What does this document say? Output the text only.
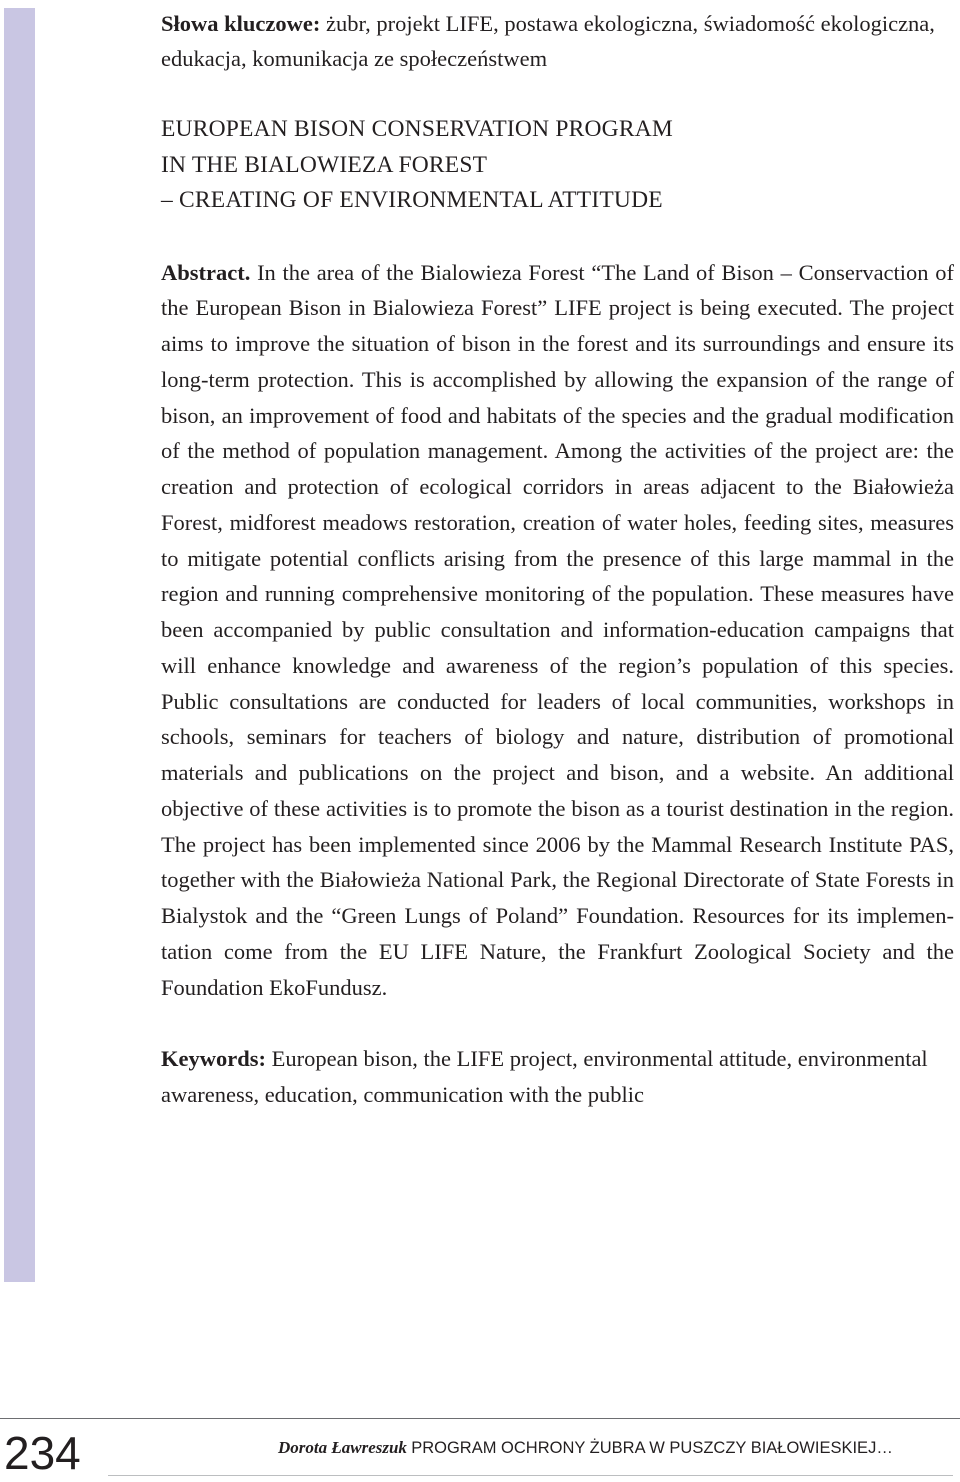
Słowa kluczowe: żubr, projekt LIFE, postawa ekologiczna, świadomość ekologiczna, edukacja, komunikacja ze społeczeństwem

EUROPEAN BISON CONSERVATION PROGRAM
IN THE BIALOWIEZA FOREST
– CREATING OF ENVIRONMENTAL ATTITUDE
Abstract. In the area of the Bialowieza Forest “The Land of Bison – Conservaction of the European Bison in Bialowieza Forest” LIFE project is being executed. The project aims to improve the situation of bison in the forest and its surroundings and ensure its long-term protection. This is accomplished by allowing the expansion of the range of bison, an improvement of food and habitats of the species and the gradual modification of the method of population management. Among the activities of the project are: the creation and protection of ecological corridors in areas adjacent to the Białowieża Forest, midforest meadows restoration, creation of water holes, feeding sites, measures to mitigate potential conflicts arising from the presence of this large mammal in the region and running comprehensive monitoring of the population. These measures have been accompanied by public consultation and information-education campaigns that will enhance knowledge and awareness of the region’s population of this species. Public consultations are conducted for leaders of local communities, workshops in schools, seminars for teachers of biology and nature, distribution of promotional materials and publications on the project and bison, and a website. An additional objective of these activities is to promote the bison as a tourist destination in the region. The project has been implemented since 2006 by the Mammal Research Institute PAS, together with the Białowieża National Park, the Regional Directorate of State Forests in Bialystok and the “Green Lungs of Poland” Foundation. Resources for its implementation come from the EU LIFE Nature, the Frankfurt Zoological Society and the Foundation EkoFundusz.
Keywords: European bison, the LIFE project, environmental attitude, environmental awareness, education, communication with the public
234	Dorota Ławreszuk PROGRAM OCHRONY ŻUBRA W PUSZCZY BIAŁOWIESKIEJ…
